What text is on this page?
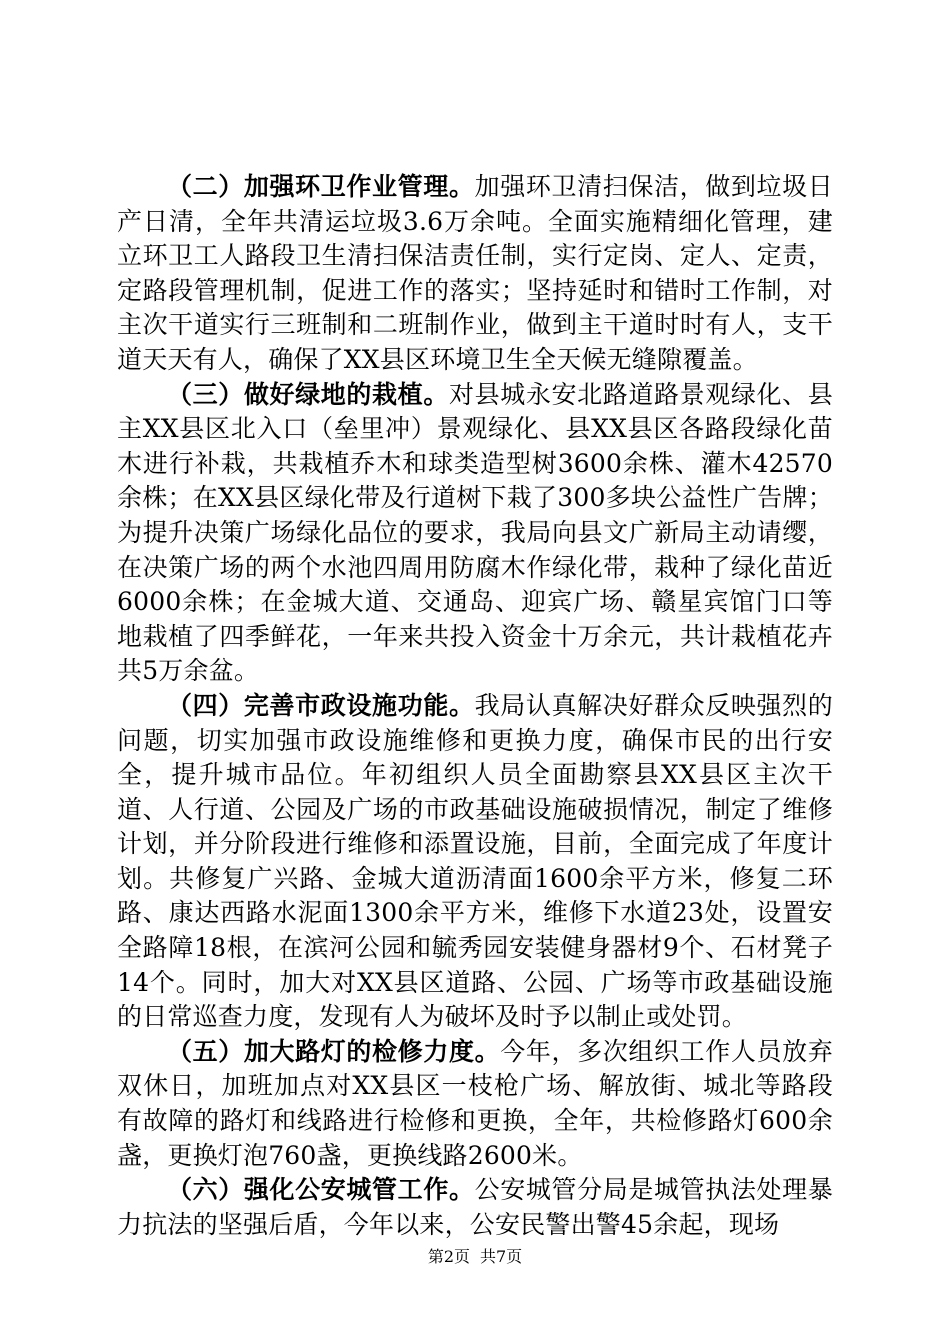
（二）加强环卫作业管理。加强环卫清扫保洁，做到垃圾日产日清，全年共清运垃圾3.6万余吨。全面实施精细化管理，建立环卫工人路段卫生清扫保洁责任制，实行定岗、定人、定责，定路段管理机制，促进工作的落实；坚持延时和错时工作制，对主次干道实行三班制和二班制作业，做到主干道时时有人，支干道天天有人，确保了XX县区环境卫生全天候无缝隙覆盖。

（三）做好绿地的栽植。对县城永安北路道路景观绿化、县主XX县区北入口（垒里冲）景观绿化、县XX县区各路段绿化苗木进行补栽，共栽植乔木和球类造型树3600余株、灌木42570余株；在XX县区绿化带及行道树下栽了300多块公益性广告牌；为提升决策广场绿化品位的要求，我局向县文广新局主动请缨，在决策广场的两个水池四周用防腐木作绿化带，栽种了绿化苗近6000余株；在金城大道、交通岛、迎宾广场、赣星宾馆门口等地栽植了四季鲜花，一年来共投入资金十万余元，共计栽植花卉共5万余盆。

（四）完善市政设施功能。我局认真解决好群众反映强烈的问题，切实加强市政设施维修和更换力度，确保市民的出行安全，提升城市品位。年初组织人员全面勘察县XX县区主次干道、人行道、公园及广场的市政基础设施破损情况，制定了维修计划，并分阶段进行维修和添置设施，目前，全面完成了年度计划。共修复广兴路、金城大道沥清面1600余平方米，修复二环路、康达西路水泥面1300余平方米，维修下水道23处，设置安全路障18根，在滨河公园和毓秀园安装健身器材9个、石材凳子14个。同时，加大对XX县区道路、公园、广场等市政基础设施的日常巡查力度，发现有人为破坏及时予以制止或处罚。

（五）加大路灯的检修力度。今年，多次组织工作人员放弃双休日，加班加点对XX县区一枝枪广场、解放街、城北等路段有故障的路灯和线路进行检修和更换，全年，共检修路灯600余盏，更换灯泡760盏，更换线路2600米。

（六）强化公安城管工作。公安城管分局是城管执法处理暴力抗法的坚强后盾，今年以来，公安民警出警45余起，现场

第2页 共7页
